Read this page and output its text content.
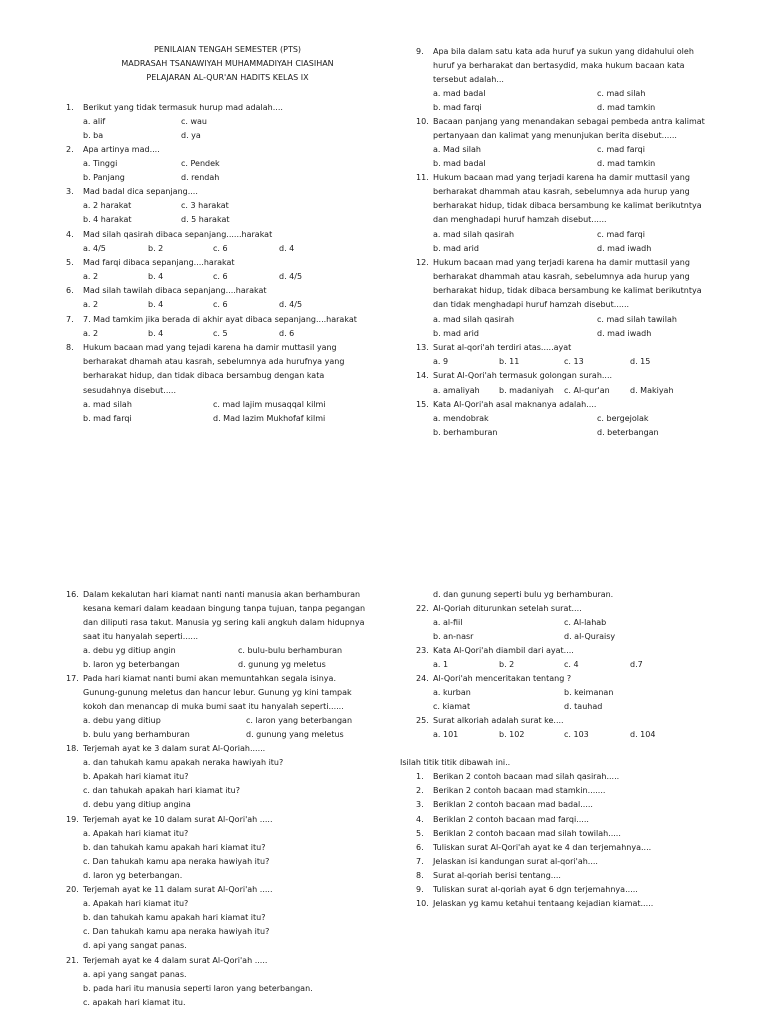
PENILAIAN TENGAH SEMESTER (PTS)
MADRASAH TSANAWIYAH MUHAMMADIYAH CIASIHAN
PELAJARAN AL-QUR'AN HADITS KELAS IX
1. Berikut yang tidak termasuk hurup mad adalah....
a. alif	c. wau
b. ba	d. ya
2. Apa artinya mad....
a. Tinggi	c. Pendek
b. Panjang	d. rendah
3. Mad badal dica sepanjang....
a. 2 harakat	c. 3 harakat
b. 4 harakat	d. 5 harakat
4. Mad silah qasirah dibaca sepanjang......harakat
a. 4/5	b. 2	c. 6	d. 4
5. Mad farqi dibaca sepanjang....harakat
a. 2	b. 4	c. 6	d. 4/5
6. Mad silah tawilah dibaca sepanjang....harakat
a. 2	b. 4	c. 6	d. 4/5
7. 7. Mad tamkim jika berada di akhir ayat dibaca sepanjang....harakat
a. 2	b. 4	c. 5	d. 6
8. Hukum bacaan mad yang tejadi karena ha damir muttasil yang
berharakat dhamah atau kasrah, sebelumnya ada hurufnya yang
berharakat hidup, dan tidak dibaca bersambug dengan kata
sesudahnya disebut.....
a. mad silah	c. mad lajim musaqqal kilmi
b. mad farqi	d. Mad lazim Mukhofaf kilmi
9. Apa bila dalam satu kata ada huruf ya sukun yang didahului oleh
huruf ya berharakat dan bertasydid, maka hukum bacaan kata
tersebut adalah...
a. mad badal	c. mad silah
b. mad farqi	d. mad tamkin
10. Bacaan panjang yang menandakan sebagai pembeda antra kalimat
pertanyaan dan kalimat yang menunjukan berita disebut......
a. Mad silah	c. mad farqi
b. mad badal	d. mad tamkin
11. Hukum bacaan mad yang terjadi karena ha damir muttasil yang
berharakat dhammah atau kasrah, sebelumnya ada hurup yang
berharakat hidup, tidak dibaca bersambung ke kalimat berikutntya
dan menghadapi huruf hamzah disebut......
a. mad silah qasirah	c. mad farqi
b. mad arid	d. mad iwadh
12. Hukum bacaan mad yang terjadi karena ha damir muttasil yang
berharakat dhammah atau kasrah, sebelumnya ada hurup yang
berharakat hidup, tidak dibaca bersambung ke kalimat berikutntya
dan tidak menghadapi huruf hamzah disebut......
a. mad silah qasirah	c. mad silah tawilah
b. mad arid	d. mad iwadh
13. Surat al-qori'ah terdiri atas.....ayat
a. 9	b. 11	c. 13	d. 15
14. Surat Al-Qori'ah termasuk golongan surah....
a. amaliyah b. madaniyah c. Al-qur'an	d. Makiyah
15. Kata Al-Qori'ah asal maknanya adalah....
a. mendobrak	c. bergejolak
b. berhamburan	d. beterbangan
16. Dalam kekalutan hari kiamat nanti nanti manusia akan berhamburan
kesana kemari dalam keadaan bingung tanpa tujuan, tanpa pegangan
dan diliputi rasa takut. Manusia yg sering kali angkuh dalam hidupnya
saat itu hanyalah seperti......
a. debu yg ditiup angin	c. bulu-bulu berhamburan
b. laron yg beterbangan	d. gunung yg meletus
17. Pada hari kiamat nanti bumi akan memuntahkan segala isinya.
Gunung-gunung meletus dan hancur lebur. Gunung yg kini tampak
kokoh dan menancap di muka bumi saat itu hanyalah seperti......
a. debu yang ditiup	c. laron yang beterbangan
b. bulu yang berhamburan	d. gunung yang meletus
18. Terjemah ayat ke 3 dalam surat Al-Qoriah......
a. dan tahukah kamu apakah neraka hawiyah itu?
b. Apakah hari kiamat itu?
c. dan tahukah apakah hari kiamat itu?
d. debu yang ditiup angina
19. Terjemah ayat ke 10 dalam surat Al-Qori'ah .....
a. Apakah hari kiamat itu?
b. dan tahukah kamu apakah hari kiamat itu?
c. Dan tahukah kamu apa neraka hawiyah itu?
d. laron yg beterbangan.
20. Terjemah ayat ke 11 dalam surat Al-Qori'ah .....
a. Apakah hari kiamat itu?
b. dan tahukah kamu apakah hari kiamat itu?
c. Dan tahukah kamu apa neraka hawiyah itu?
d. api yang sangat panas.
21. Terjemah ayat ke 4 dalam surat Al-Qori'ah .....
a. api yang sangat panas.
b. pada hari itu manusia seperti laron yang beterbangan.
c. apakah hari kiamat itu.
d. dan gunung seperti bulu yg berhamburan.
22. Al-Qoriah diturunkan setelah surat....
a. al-fiil	c. Al-lahab
b. an-nasr	d. al-Quraisy
23. Kata Al-Qori'ah diambil dari ayat....
a. 1	b. 2	c. 4	d.7
24. Al-Qori'ah menceritakan tentang ?
a. kurban	b. keimanan
c. kiamat	d. tauhad
25. Surat alkoriah adalah surat ke....
a. 101	b. 102	c. 103	d. 104
Isilah titik titik dibawah ini..
1. Berikan 2 contoh bacaan mad silah qasirah.....
2. Berikan 2 contoh bacaan mad stamkin.......
3. Beriklan 2 contoh bacaan mad badal.....
4. Beriklan 2 contoh bacaan mad farqi.....
5. Beriklan 2 contoh bacaan mad silah towilah.....
6. Tuliskan surat Al-Qori'ah ayat ke 4 dan terjemahnya....
7. Jelaskan isi kandungan surat al-qori'ah....
8. Surat al-qoriah berisi tentang....
9. Tuliskan surat al-qoriah ayat 6 dgn terjemahnya.....
10. Jelaskan yg kamu ketahui tentaang kejadian kiamat.....
